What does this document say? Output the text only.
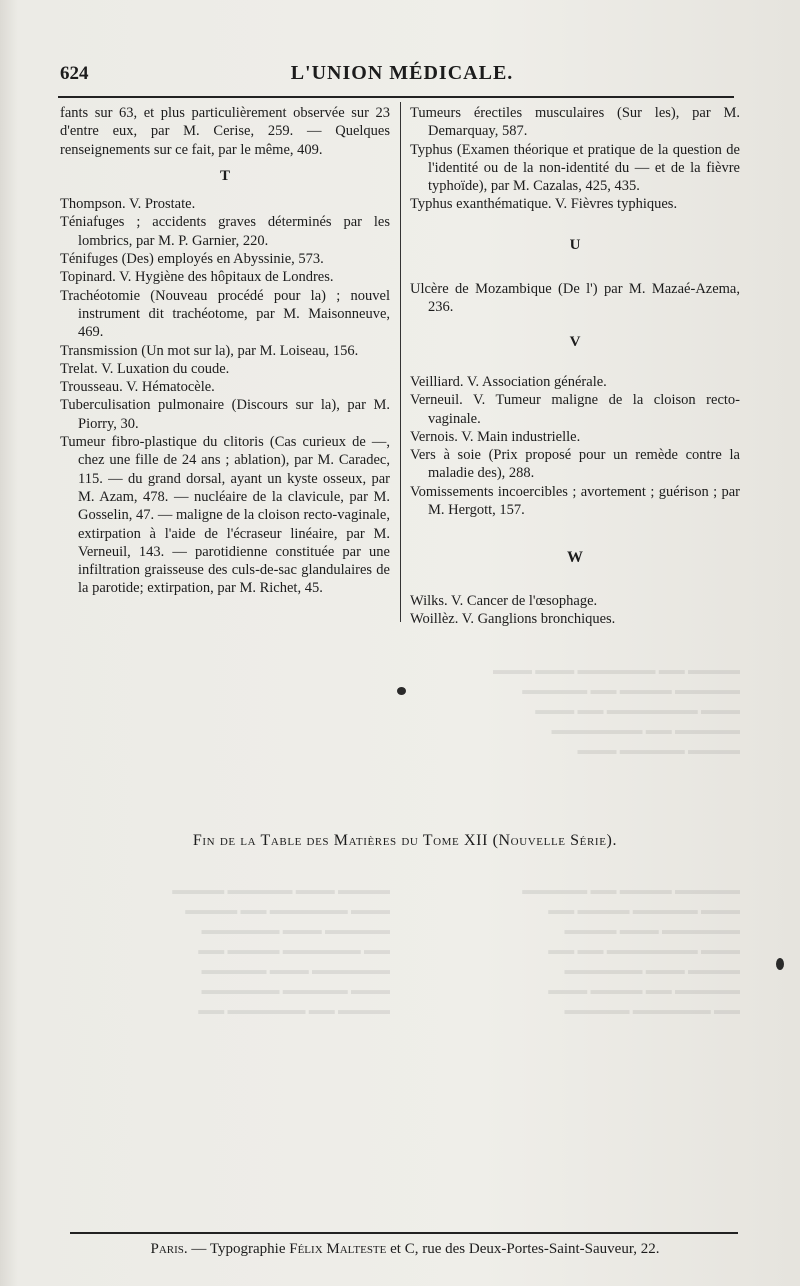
▬▬▬▬ ▬▬ ▬▬▬▬▬▬ ▬▬▬ ▬▬▬
▬▬▬▬▬ ▬▬▬▬ ▬▬ ▬▬▬▬▬
▬▬▬ ▬▬▬▬▬▬▬ ▬▬ ▬▬▬
▬▬▬▬▬ ▬▬ ▬▬▬▬▬▬▬
▬▬▬▬ ▬▬▬▬▬ ▬▬▬
▬▬▬▬ ▬▬▬ ▬▬▬▬▬ ▬▬▬▬
▬▬▬ ▬▬▬▬▬▬ ▬▬ ▬▬▬▬
▬▬▬▬▬ ▬▬▬ ▬▬▬▬▬▬
▬▬ ▬▬▬▬▬▬ ▬▬▬▬ ▬▬
▬▬▬▬▬▬ ▬▬▬ ▬▬▬▬▬
▬▬▬ ▬▬▬▬▬ ▬▬▬▬▬▬
▬▬▬▬ ▬▬ ▬▬▬▬▬▬ ▬▬
▬▬▬▬▬ ▬▬▬▬ ▬▬ ▬▬▬▬▬
▬▬▬ ▬▬▬▬▬ ▬▬▬▬ ▬▬
▬▬▬▬▬▬ ▬▬▬ ▬▬▬▬
▬▬▬ ▬▬▬▬▬▬▬ ▬▬ ▬▬
▬▬▬▬ ▬▬▬ ▬▬▬▬▬▬
▬▬▬▬▬ ▬▬ ▬▬▬▬ ▬▬▬
▬▬ ▬▬▬▬▬▬ ▬▬▬▬▬
624	L'UNION MÉDICALE.

fants sur 63, et plus particulièrement observée sur 23 d'entre eux, par M. Cerise, 259. — Quelques renseignements sur ce fait, par le même, 409.

T

Thompson. V. Prostate.

Téniafuges ; accidents graves déterminés par les lombrics, par M. P. Garnier, 220.

Ténifuges (Des) employés en Abyssinie, 573.

Topinard. V. Hygiène des hôpitaux de Londres.

Trachéotomie (Nouveau procédé pour la) ; nouvel instrument dit trachéotome, par M. Maisonneuve, 469.

Transmission (Un mot sur la), par M. Loiseau, 156.

Trelat. V. Luxation du coude.

Trousseau. V. Hématocèle.

Tuberculisation pulmonaire (Discours sur la), par M. Piorry, 30.

Tumeur fibro-plastique du clitoris (Cas curieux de —, chez une fille de 24 ans ; ablation), par M. Caradec, 115. — du grand dorsal, ayant un kyste osseux, par M. Azam, 478. — nucléaire de la clavicule, par M. Gosselin, 47. — maligne de la cloison recto-vaginale, extirpation à l'aide de l'écraseur linéaire, par M. Verneuil, 143. — parotidienne constituée par une infiltration graisseuse des culs-de-sac glandulaires de la parotide; extirpation, par M. Richet, 45.

Tumeurs érectiles musculaires (Sur les), par M. Demarquay, 587.

Typhus (Examen théorique et pratique de la question de l'identité ou de la non-identité du — et de la fièvre typhoïde), par M. Cazalas, 425, 435.

Typhus exanthématique. V. Fièvres typhiques.

U

Ulcère de Mozambique (De l') par M. Mazaé-Azema, 236.

V

Veilliard. V. Association générale.

Verneuil. V. Tumeur maligne de la cloison recto-vaginale.

Vernois. V. Main industrielle.

Vers à soie (Prix proposé pour un remède contre la maladie des), 288.

Vomissements incoercibles ; avortement ; guérison ; par M. Hergott, 157.

W

Wilks. V. Cancer de l'œsophage.

Woillèz. V. Ganglions bronchiques.

Fin de la Table des Matières du Tome XII (Nouvelle Série).
Paris. — Typographie Félix Malteste et C, rue des Deux-Portes-Saint-Sauveur, 22.
